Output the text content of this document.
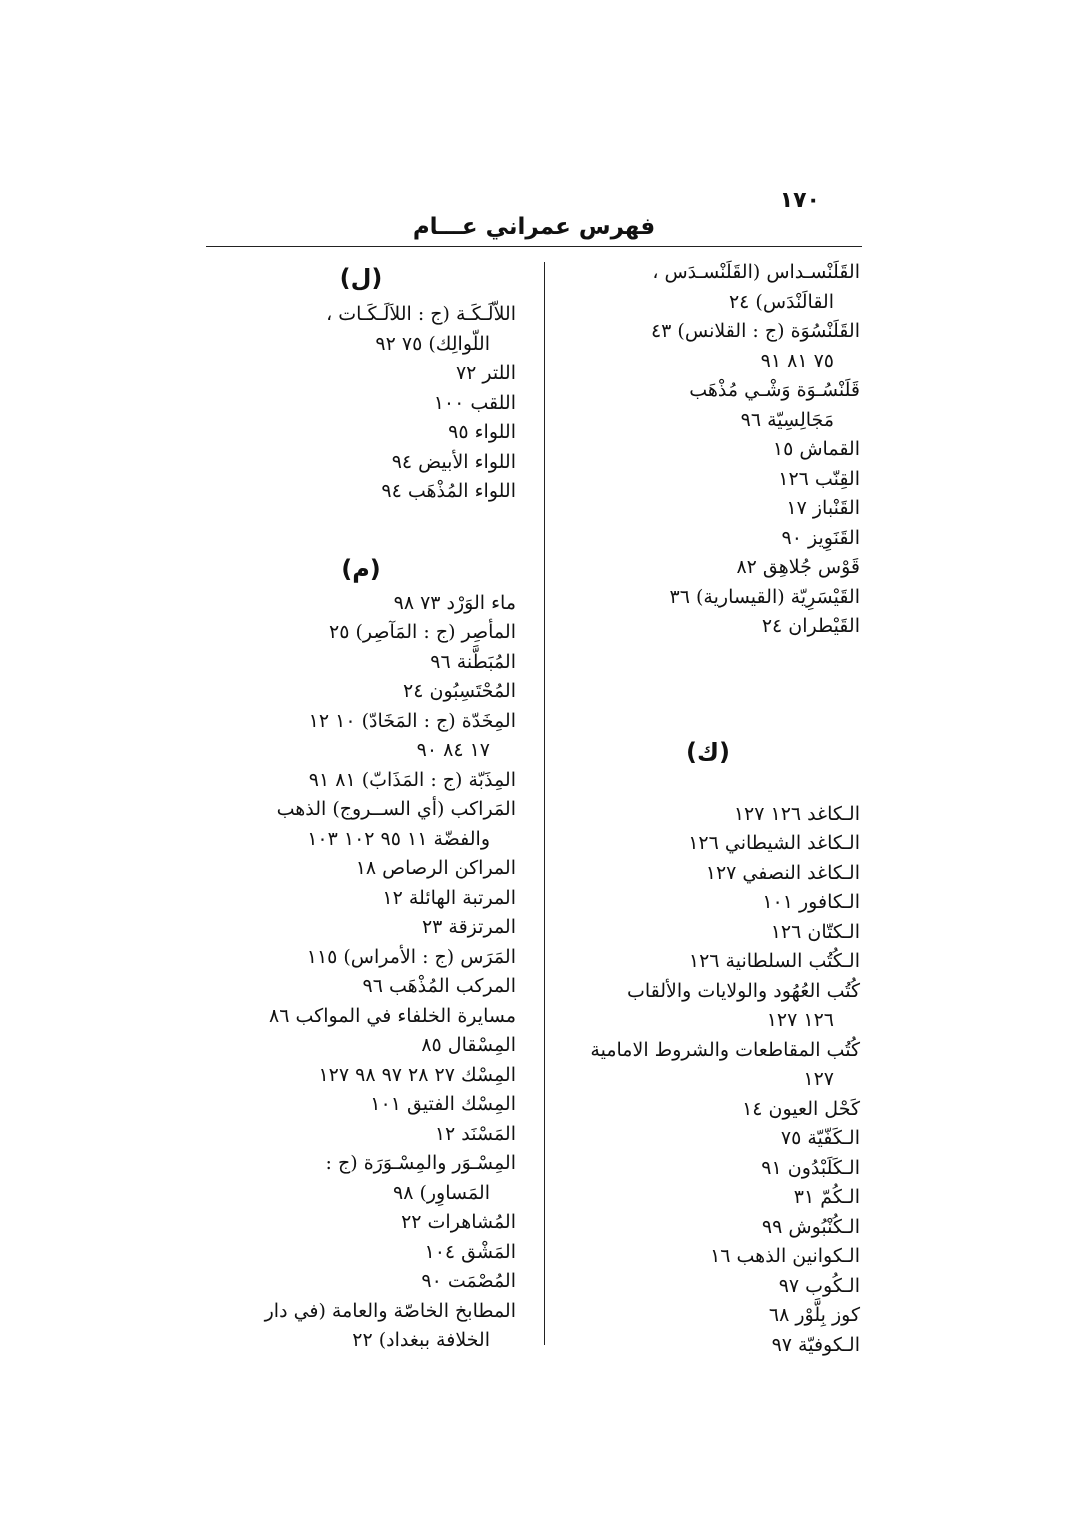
١٧٠
فهرس عمراني عـــام
القَلَنْسـداس (القَلَنْسـدَس ،
القالَنْدَس) ٢٤
القَلَنْسُوَة (ج : القلانس) ٤٣
٧٥ ٨١ ٩١
قَلَنْسُـوَة وَشْـي مُذْهَب
مَجَالِسِيّة ٩٦
القماش ١٥
القِنّب ١٢٦
القَنْباز ١٧
القَنَوِيز ٩٠
قَوْس جُلاهِق ٨٢
القَيْسَرِيّة (القيسارية) ٣٦
القَيْطران ٢٤
(ك)
الـكاغد ١٢٦ ١٢٧
الـكاغد الشيطاني ١٢٦
الـكاغد النصفي ١٢٧
الـكافور ١٠١
الـكتّان ١٢٦
الـكُتُب السلطانية ١٢٦
كُتُب العُهُود والولايات والألقاب
١٢٦ ١٢٧
كُتُب المقاطعات والشروط الامامية
١٢٧
كَحْل العيون ١٤
الـكَفّيّة ٧٥
الـكَلَبْدُون ٩١
الـكُمّ ٣١
الـكُنْبُوش ٩٩
الـكوانين الذهب ١٦
الـكُوب ٩٧
كوز بِلَّوْر ٦٨
الـكوفيّة ٩٧
(ل)
اللاّلَـكَـة (ج : اللاَلَـكَـات ،
اللّوالِك) ٧٥ ٩٢
اللتر ٧٢
اللقب ١٠٠
اللواء ٩٥
اللواء الأبيض ٩٤
اللواء المُذْهَب ٩٤
(م)
ماء الوَرْد ٧٣ ٩٨
المأصِر (ج : المَآصِر) ٢٥
المُبَطَّنة ٩٦
المُحْتَسِبُون ٢٤
المِخَدّة (ج : المَخَادّ) ١٠ ١٢
١٧ ٨٤ ٩٠
المِذَبّة (ج : المَذَابّ) ٨١ ٩١
المَراكب (أي الســروج) الذهب
والفضّة ١١ ٩٥ ١٠٢ ١٠٣
المراكن الرصاص ١٨
المرتبة الهائلة ١٢
المرتزقة ٢٣
المَرَس (ج : الأمراس) ١١٥
المركب المُذْهَب ٩٦
مسايرة الخلفاء في المواكب ٨٦
المِسْقال ٨٥
المِسْك ٢٧ ٢٨ ٩٧ ٩٨ ١٢٧
المِسْك الفتيق ١٠١
المَسْنَد ١٢
المِسْـوَر والمِسْـوَرَة (ج :
المَساوِر) ٩٨
المُشاهرات ٢٢
المَشْق ١٠٤
المُصْمَت ٩٠
المطابخ الخاصّة والعامة (في دار
الخلافة ببغداد) ٢٢
